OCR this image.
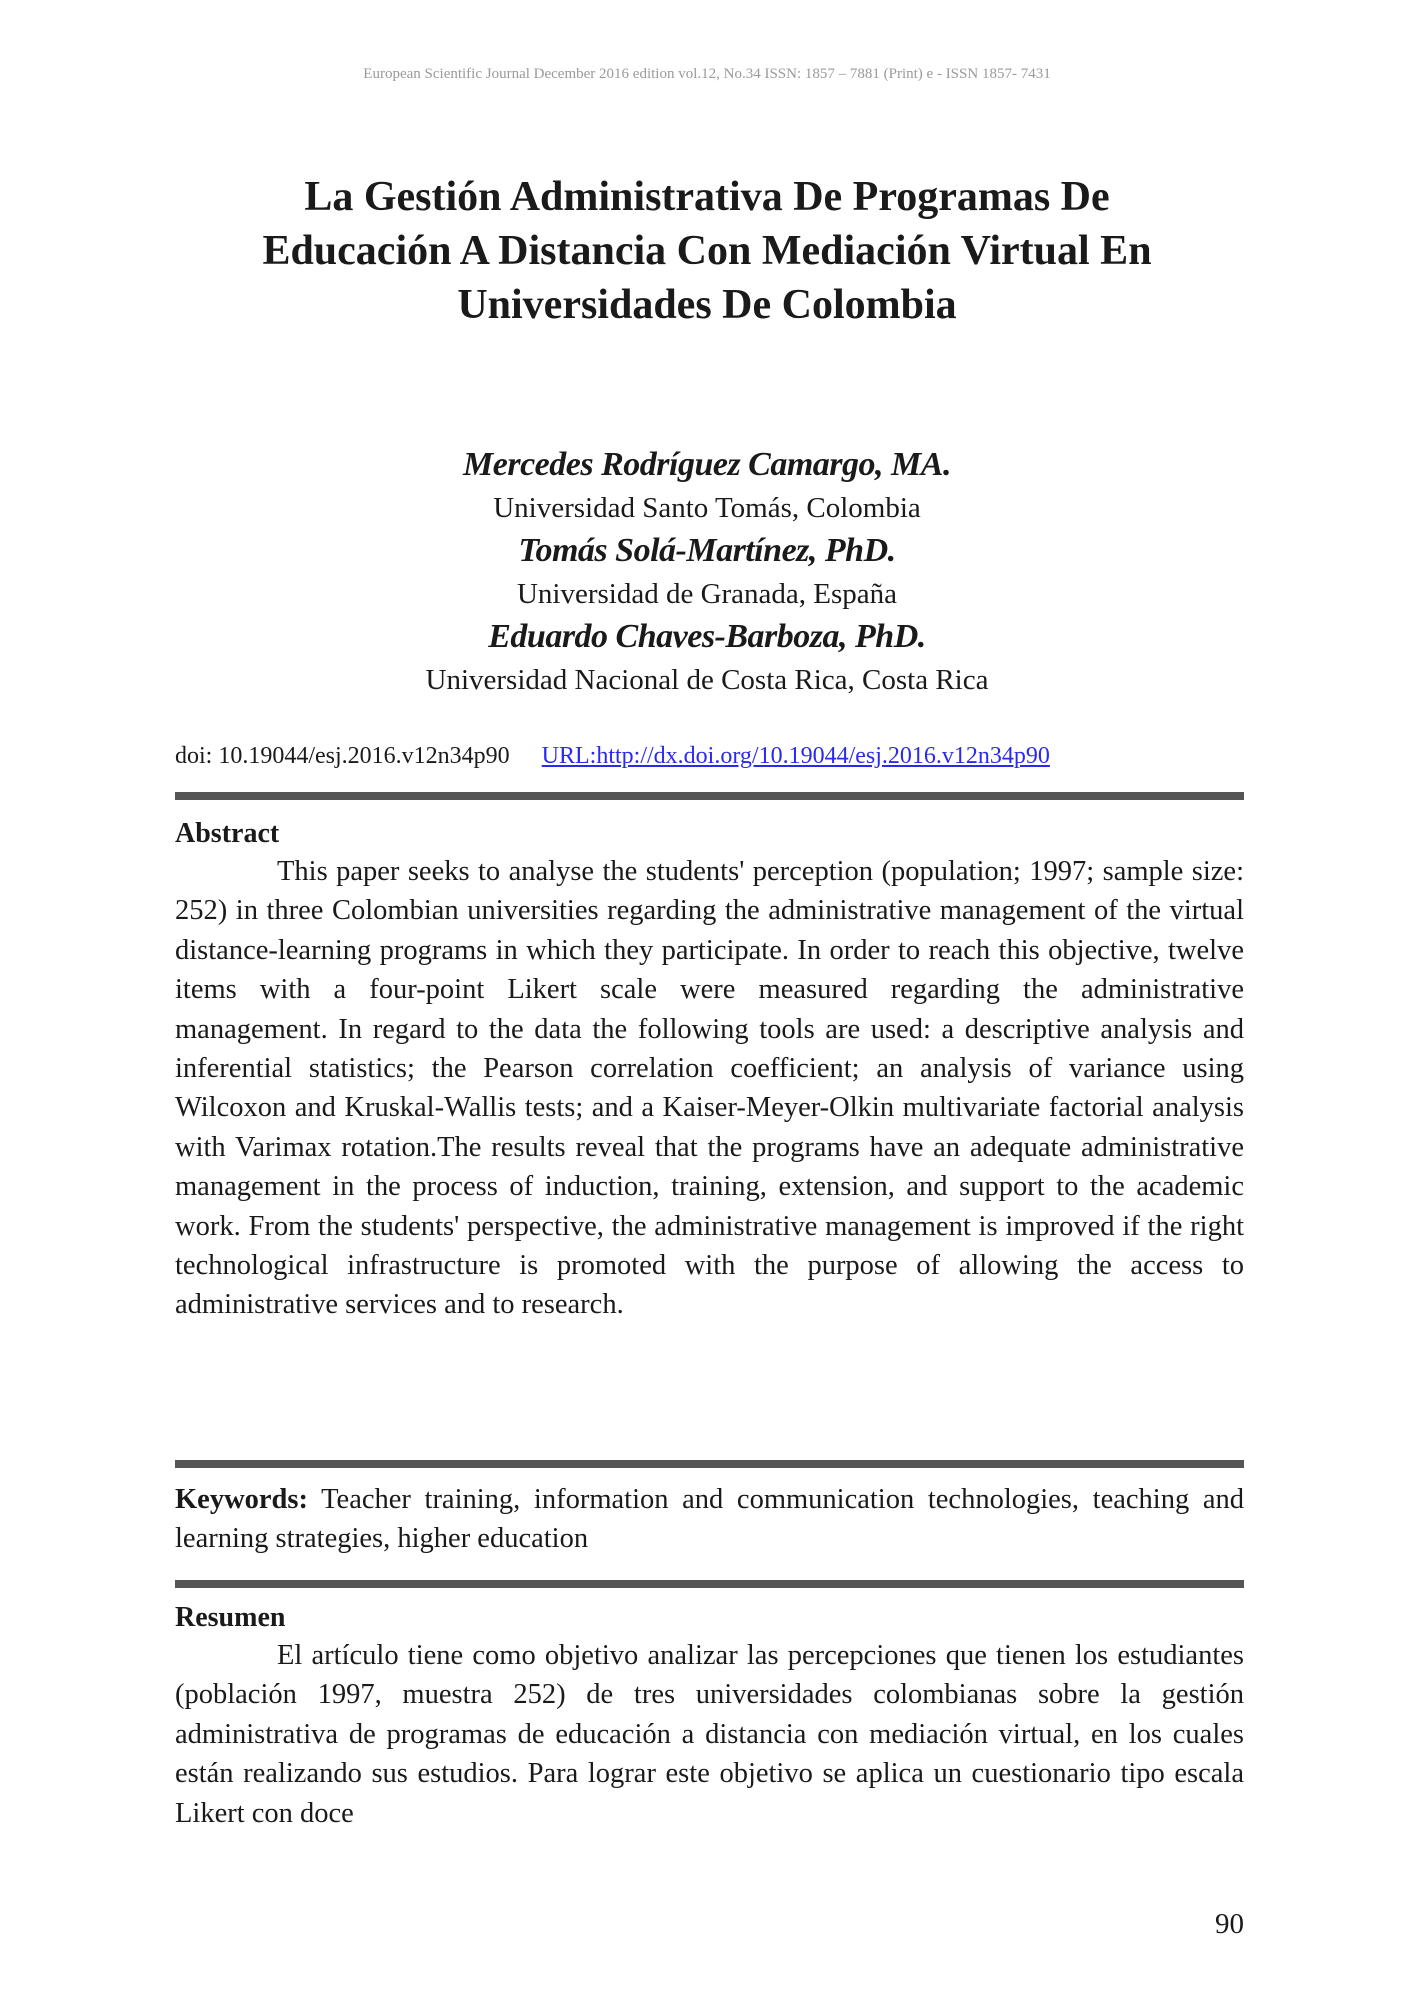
European Scientific Journal December 2016 edition vol.12, No.34 ISSN: 1857 – 7881 (Print) e - ISSN 1857- 7431
La Gestión Administrativa De Programas De
Educación A Distancia Con Mediación Virtual En
Universidades De Colombia
Mercedes Rodríguez Camargo, MA.
Universidad Santo Tomás, Colombia
Tomás Solá-Martínez, PhD.
Universidad de Granada, España
Eduardo Chaves-Barboza, PhD.
Universidad Nacional de Costa Rica, Costa Rica
doi: 10.19044/esj.2016.v12n34p90 URL:http://dx.doi.org/10.19044/esj.2016.v12n34p90
Abstract

This paper seeks to analyse the students' perception (population; 1997; sample size: 252) in three Colombian universities regarding the administrative management of the virtual distance-learning programs in which they participate. In order to reach this objective, twelve items with a four-point Likert scale were measured regarding the administrative management. In regard to the data the following tools are used: a descriptive analysis and inferential statistics; the Pearson correlation coefficient; an analysis of variance using Wilcoxon and Kruskal-Wallis tests; and a Kaiser-Meyer-Olkin multivariate factorial analysis with Varimax rotation.The results reveal that the programs have an adequate administrative management in the process of induction, training, extension, and support to the academic work. From the students' perspective, the administrative management is improved if the right technological infrastructure is promoted with the purpose of allowing the access to administrative services and to research.

Keywords: Teacher training, information and communication technologies, teaching and learning strategies, higher education

Resumen

El artículo tiene como objetivo analizar las percepciones que tienen los estudiantes (población 1997, muestra 252) de tres universidades colombianas sobre la gestión administrativa de programas de educación a distancia con mediación virtual, en los cuales están realizando sus estudios. Para lograr este objetivo se aplica un cuestionario tipo escala Likert con doce

90
